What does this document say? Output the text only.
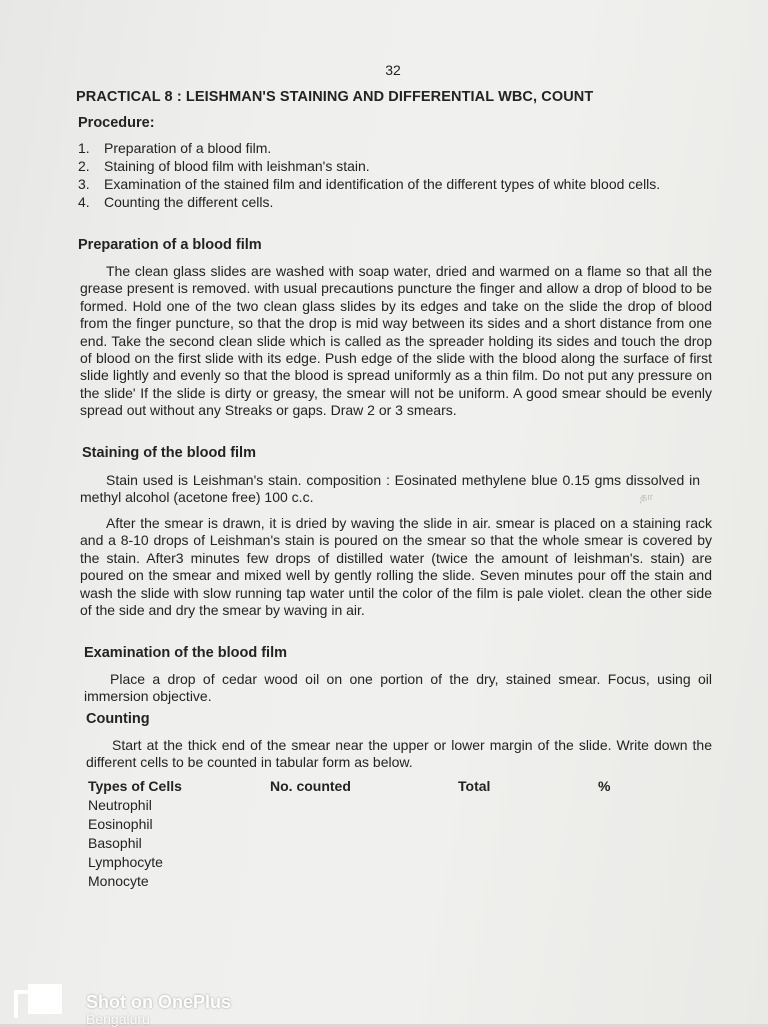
32
PRACTICAL 8 : LEISHMAN'S STAINING AND DIFFERENTIAL WBC, COUNT
Procedure:
1.	Preparation of a blood film.
2.	Staining of blood film with leishman's stain.
3.	Examination of the stained film and identification of the different types of white blood cells.
4.	Counting the different cells.
Preparation of a blood film

The clean glass slides are washed with soap water, dried and warmed on a flame so that all the grease present is removed. with usual precautions puncture the finger and allow a drop of blood to be formed. Hold one of the two clean glass slides by its edges and take on the slide the drop of blood from the finger puncture, so that the drop is mid way between its sides and a short distance from one end. Take the second clean slide which is called as the spreader holding its sides and touch the drop of blood on the first slide with its edge. Push edge of the slide with the blood along the surface of first slide lightly and evenly so that the blood is spread uniformly as a thin film. Do not put any pressure on the slide' If the slide is dirty or greasy, the smear will not be uniform. A good smear should be evenly spread out without any Streaks or gaps. Draw 2 or 3 smears.

Staining of the blood film

Stain used is Leishman's stain. composition : Eosinated methylene blue 0.15 gms dissolved in methyl alcohol (acetone free) 100 c.c.	தா

After the smear is drawn, it is dried by waving the slide in air. smear is placed on a staining rack and a 8-10 drops of Leishman's stain is poured on the smear so that the whole smear is covered by the stain. After3 minutes few drops of distilled water (twice the amount of leishman's. stain) are poured on the smear and mixed well by gently rolling the slide. Seven minutes pour off the stain and wash the slide with slow running tap water until the color of the film is pale violet. clean the other side of the side and dry the smear by waving in air.

Examination of the blood film

Place a drop of cedar wood oil on one portion of the dry, stained smear. Focus, using oil immersion objective.

Counting

Start at the thick end of the smear near the upper or lower margin of the slide. Write down the different cells to be counted in tabular form as below.

Types of Cells	No. counted	Total	%
Neutrophil
Eosinophil
Basophil
Lymphocyte
Monocyte
Shot on OnePlus
Bengaluru
